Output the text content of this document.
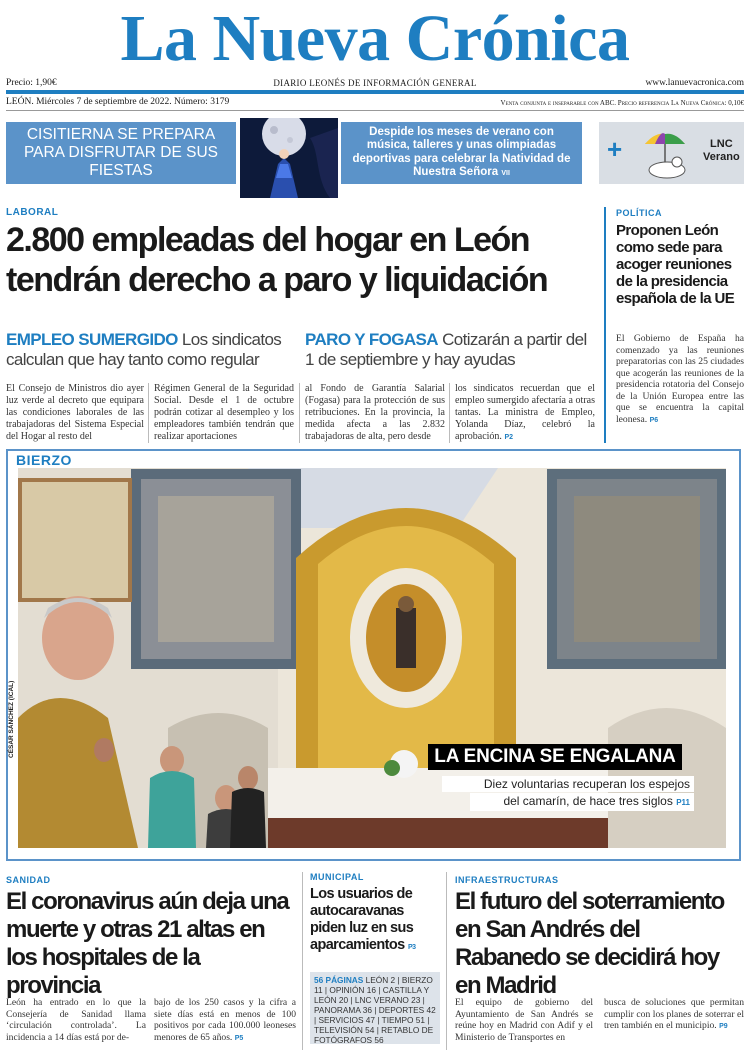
La Nueva Crónica
Precio: 1,90€	DIARIO LEONÉS DE INFORMACIÓN GENERAL	www.lanuevacronica.com
LEÓN. Miércoles 7 de septiembre de 2022. Número: 3179	Venta conjunta e inseparable con ABC. Precio referencia La Nueva Crónica: 0,10€
CISITIERNA SE PREPARA PARA DISFRUTAR DE SUS FIESTAS
Despide los meses de verano con música, talleres y unas olimpiadas deportivas para celebrar la Natividad de Nuestra Señora VII
+	LNC
Verano
LABORAL
2.800 empleadas del hogar en León tendrán derecho a paro y liquidación
EMPLEO SUMERGIDO Los sindicatos calculan que hay tanto como regular
PARO Y FOGASA Cotizarán a partir del 1 de septiembre y hay ayudas
El Consejo de Ministros dio ayer luz verde al decreto que equipara las condiciones laborales de las trabajadoras del Sistema Especial del Hogar al resto del
Régimen General de la Seguridad Social. Desde el 1 de octubre podrán cotizar al desempleo y los empleadores también tendrán que realizar aportaciones
al Fondo de Garantía Salarial (Fogasa) para la protección de sus retribuciones. En la provincia, la medida afecta a las 2.832 trabajadoras de alta, pero desde
los sindicatos recuerdan que el empleo sumergido afectaría a otras tantas. La ministra de Empleo, Yolanda Díaz, celebró la aprobación. P2
POLÍTICA
Proponen León como sede para acoger reuniones de la presidencia española de la UE
El Gobierno de España ha comenzado ya las reuniones preparatorias con las 25 ciudades que acogerán las reuniones de la presidencia rotatoria del Consejo de la Unión Europea entre las que se encuentra la capital leonesa. P6
BIERZO
CÉSAR SÁNCHEZ (ICAL)	LA ENCINA SE ENGALANA
Diez voluntarias recuperan los espejos
del camarín, de hace tres siglos P11
SANIDAD
El coronavirus aún deja una muerte y otras 21 altas en los hospitales de la provincia
León ha entrado en lo que la Consejería de Sanidad llama ‘circulación controlada’. La incidencia a 14 días está por de-
bajo de los 250 casos y la cifra a siete días está en menos de 100 positivos por cada 100.000 leoneses menores de 65 años. P5
MUNICIPAL
Los usuarios de autocaravanas piden luz en sus aparcamientos P3
56 PÁGINAS LEÓN 2 | BIERZO 11 | OPINIÓN 16 | CASTILLA Y LEÓN 20 | LNC VERANO 23 | PANORAMA 36 | DEPORTES 42 | SERVICIOS 47 | TIEMPO 51 | TELEVISIÓN 54 | RETABLO DE FOTÓGRAFOS 56
INFRAESTRUCTURAS
El futuro del soterramiento en San Andrés del Rabanedo se decidirá hoy en Madrid
El equipo de gobierno del Ayuntamiento de San Andrés se reúne hoy en Madrid con Adif y el Ministerio de Transportes en
busca de soluciones que permitan cumplir con los planes de soterrar el tren también en el municipio. P9
